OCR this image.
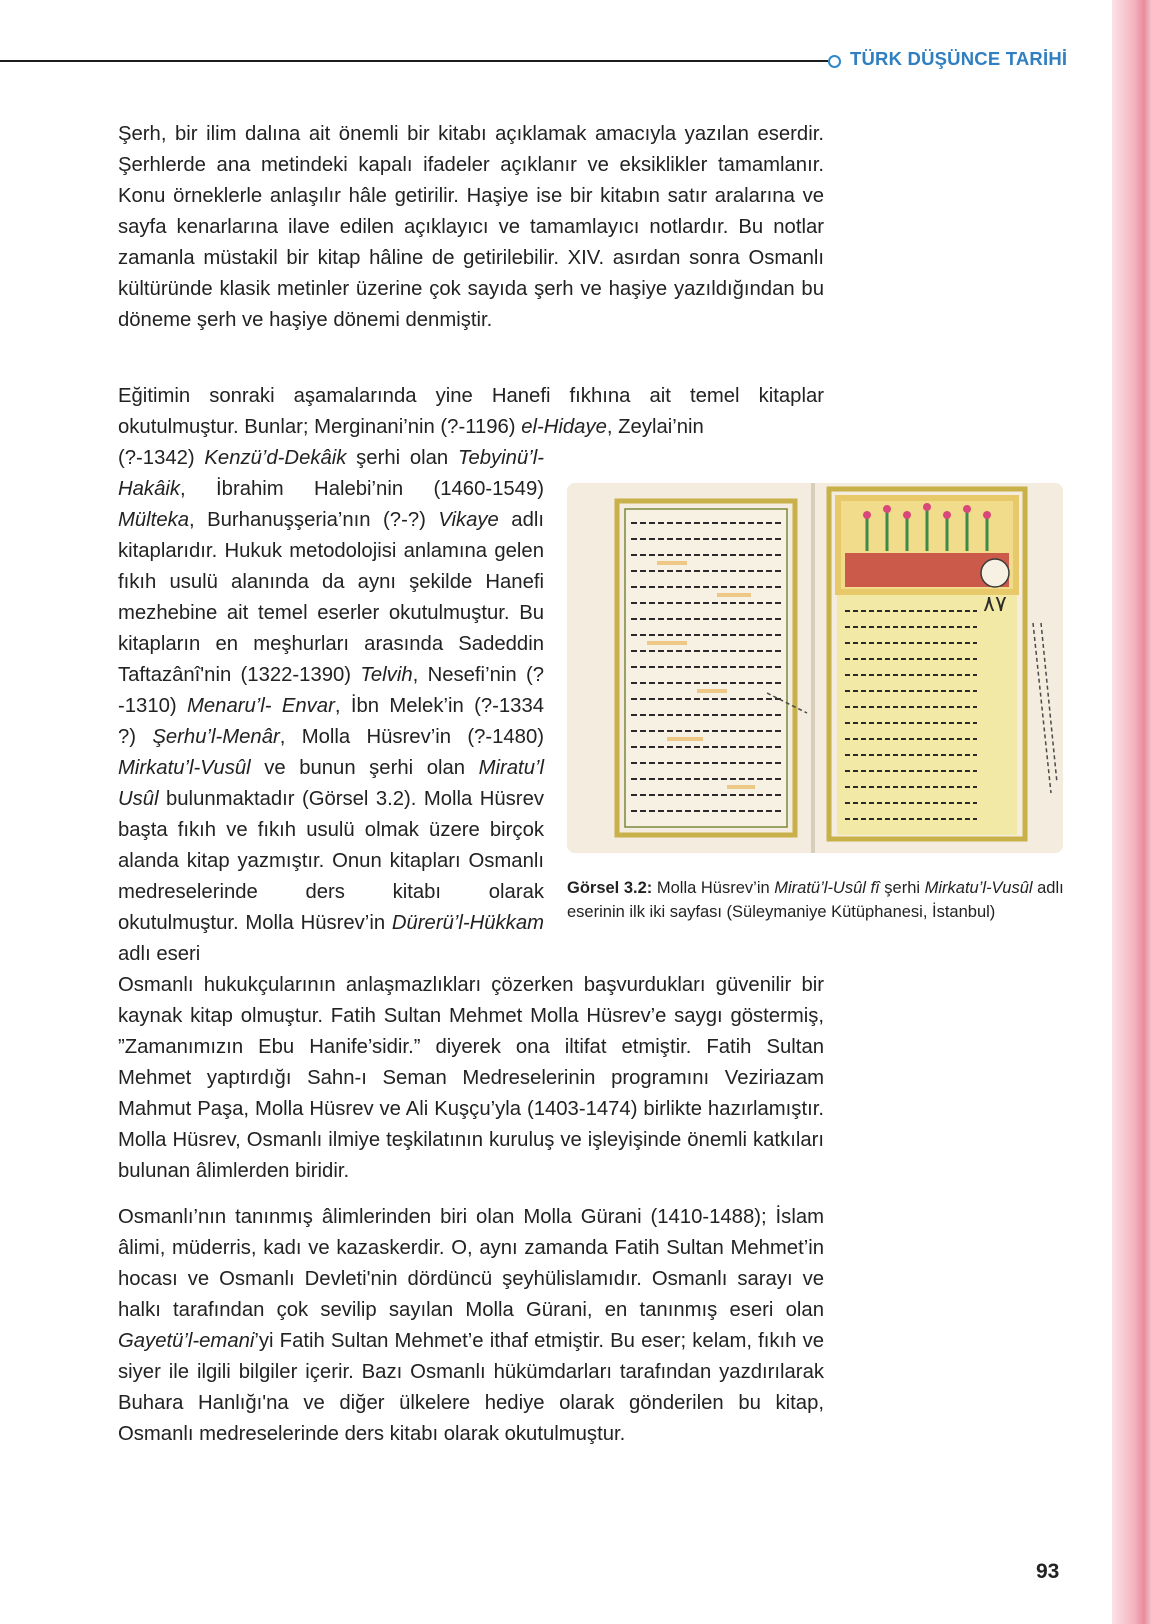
TÜRK DÜŞÜNCE TARİHİ

Şerh, bir ilim dalına ait önemli bir kitabı açıklamak amacıyla yazılan eserdir. Şerhlerde ana metindeki kapalı ifadeler açıklanır ve eksiklikler tamamlanır. Konu örneklerle anlaşılır hâle getirilir. Haşiye ise bir kitabın satır aralarına ve sayfa kenarlarına ilave edilen açıklayıcı ve tamamlayıcı notlardır. Bu notlar zamanla müstakil bir kitap hâline de getirilebilir. XIV. asırdan sonra Osmanlı kültüründe klasik metinler üzerine çok sayıda şerh ve haşiye yazıldığından bu döneme şerh ve haşiye dönemi denmiştir.

Eğitimin sonraki aşamalarında yine Hanefi fıkhına ait temel kitaplar okutulmuştur. Bunlar; Merginani’nin (?-1196) el-Hidaye, Zeylai’nin
(?-1342) Kenzü’d-Dekâik şerhi olan Tebyinü’l-Hakâik, İbrahim Halebi’nin (1460-1549) Mülteka, Burhanuşşeria’nın (?-?) Vikaye adlı kitaplarıdır. Hukuk metodolojisi anlamına gelen fıkıh usulü alanında da aynı şekilde Hanefi mezhebine ait temel eserler okutulmuştur. Bu kitapların en meşhurları arasında Sadeddin Taftazânî'nin (1322-1390) Telvih, Nesefi’nin (?-1310) Menaru’l- Envar, İbn Melek’in (?-1334 ?) Şerhu’l-Menâr, Molla Hüsrev’in (?-1480) Mirkatu’l-Vusûl ve bunun şerhi olan Miratu’l Usûl bulunmaktadır (Görsel 3.2). Molla Hüsrev başta fıkıh ve fıkıh usulü olmak üzere birçok alanda kitap yazmıştır. Onun kitapları Osmanlı medreselerinde ders kitabı olarak okutulmuştur. Molla Hüsrev’in Dürerü’l-Hükkam adlı eseri
Osmanlı hukukçularının anlaşmazlıkları çözerken başvurdukları güvenilir bir kaynak kitap olmuştur. Fatih Sultan Mehmet Molla Hüsrev’e saygı göstermiş, ”Zamanımızın Ebu Hanife’sidir.” diyerek ona iltifat etmiştir. Fatih Sultan Mehmet yaptırdığı Sahn-ı Seman Medreselerinin programını Veziriazam Mahmut Paşa, Molla Hüsrev ve Ali Kuşçu’yla (1403-1474) birlikte hazırlamıştır. Molla Hüsrev, Osmanlı ilmiye teşkilatının kuruluş ve işleyişinde önemli katkıları bulunan âlimlerden biridir.

٨٧
Görsel 3.2: Molla Hüsrev’in Miratü’l-Usûl fî şerhi Mirkatu’l-Vusûl adlı eserinin ilk iki sayfası (Süleymaniye Kütüphanesi, İstanbul)

Osmanlı’nın tanınmış âlimlerinden biri olan Molla Gürani (1410-1488); İslam âlimi, müderris, kadı ve kazaskerdir. O, aynı zamanda Fatih Sultan Mehmet’in hocası ve Osmanlı Devleti'nin dördüncü şeyhülislamıdır. Osmanlı sarayı ve halkı tarafından çok sevilip sayılan Molla Gürani, en tanınmış eseri olan Gayetü’l-emani’yi Fatih Sultan Mehmet’e ithaf etmiştir. Bu eser; kelam, fıkıh ve siyer ile ilgili bilgiler içerir. Bazı Osmanlı hükümdarları tarafından yazdırılarak Buhara Hanlığı'na ve diğer ülkelere hediye olarak gönderilen bu kitap, Osmanlı medreselerinde ders kitabı olarak okutulmuştur.

93
